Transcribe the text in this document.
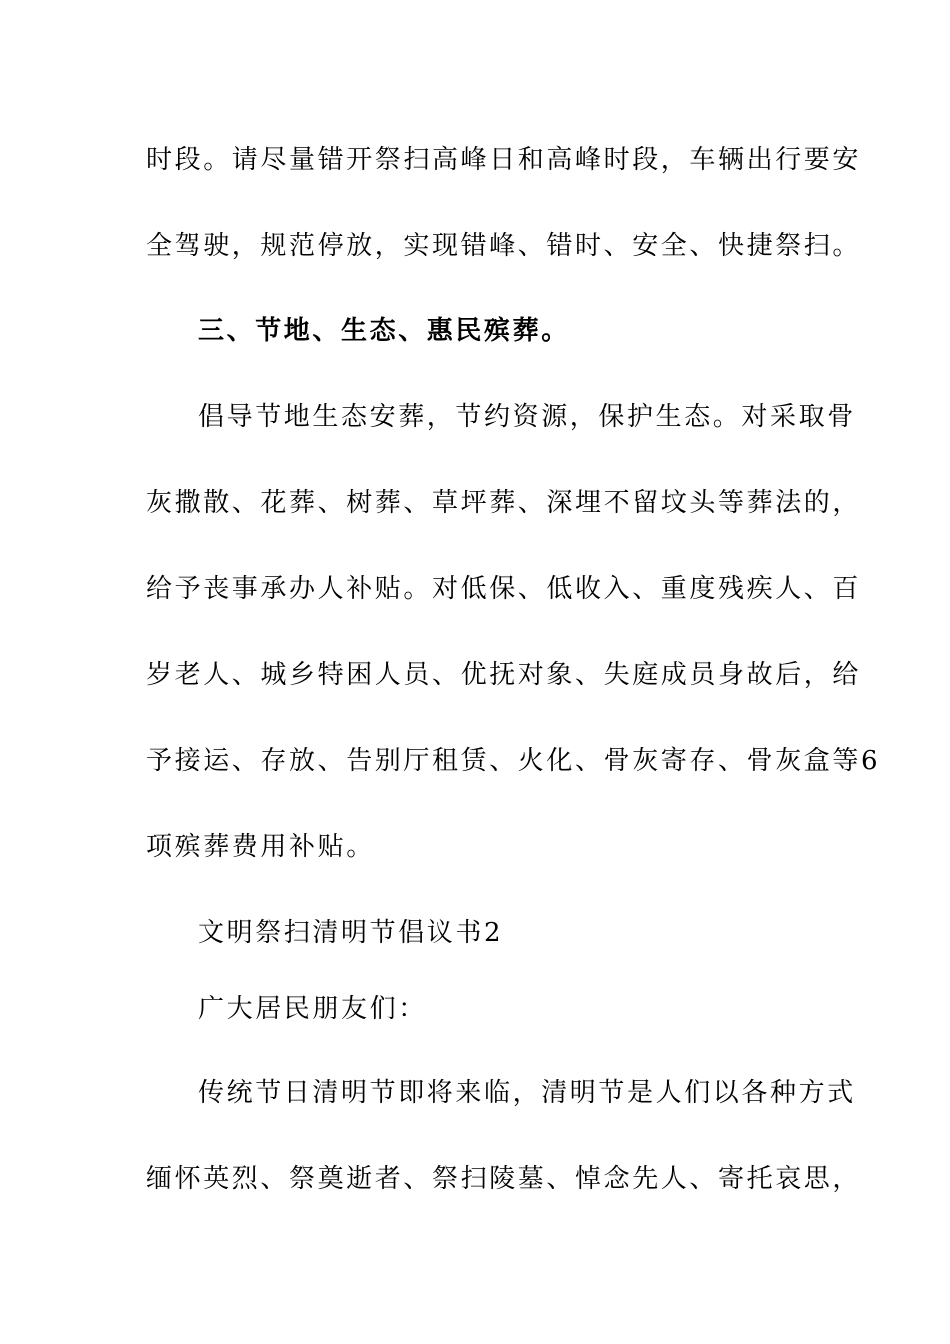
时段。请尽量错开祭扫高峰日和高峰时段，车辆出行要安
全驾驶，规范停放，实现错峰、错时、安全、快捷祭扫。
三、节地、生态、惠民殡葬。
倡导节地生态安葬，节约资源，保护生态。对采取骨
灰撒散、花葬、树葬、草坪葬、深埋不留坟头等葬法的，
给予丧事承办人补贴。对低保、低收入、重度残疾人、百
岁老人、城乡特困人员、优抚对象、失庭成员身故后，给
予接运、存放、告别厅租赁、火化、骨灰寄存、骨灰盒等6
项殡葬费用补贴。
文明祭扫清明节倡议书2
广大居民朋友们：
传统节日清明节即将来临，清明节是人们以各种方式
缅怀英烈、祭奠逝者、祭扫陵墓、悼念先人、寄托哀思，
